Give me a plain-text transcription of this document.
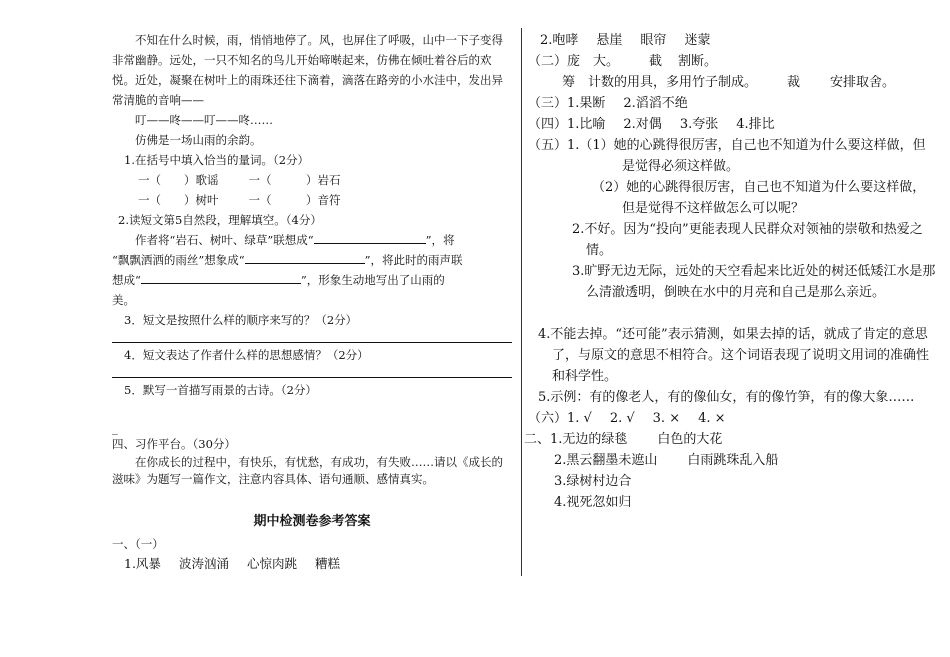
不知在什么时候，雨，悄悄地停了。风，也屏住了呼吸，山中一下子变得非常幽静。远处，一只不知名的鸟儿开始啼啭起来，仿佛在倾吐着谷后的欢悦。近处，凝聚在树叶上的雨珠还往下滴着，滴落在路旁的小水洼中，发出异常清脆的音响——

叮——咚——叮——咚……

仿佛是一场山雨的余韵。

1.在括号中填入恰当的量词。（2分）

一（　　）歌谣	一（　　　）岩石

一（　　）树叶	一（　　　）音符

2.读短文第5自然段，理解填空。（4分）

作者将“岩石、树叶、绿草”联想成“	”，将

“飘飘洒洒的雨丝”想象成“	”，将此时的雨声联

想成“	”，形象生动地写出了山雨的

美。

3．短文是按照什么样的顺序来写的？（2分）

4．短文表达了作者什么样的思想感情？（2分）

5．默写一首描写雨景的古诗。（2分）

_

四、习作平台。（30分）

在你成长的过程中，有快乐，有忧愁，有成功，有失败……请以《成长的滋味》为题写一篇作文，注意内容具体、语句通顺、感情真实。

期中检测卷参考答案

一、（一）

1.风暴 波涛汹涌 心惊肉跳 糟糕

2.咆哮 悬崖 眼帘 迷蒙

（二）庞　大。 截 割断。

筹　计数的用具，多用竹子制成。 裁 安排取舍。

（三）1.果断 2.滔滔不绝

（四）1.比喻 2.对偶 3.夸张 4.排比

（五）1.（1）她的心跳得很厉害，自己也不知道为什么要这样做，但是觉得必须这样做。

（2）她的心跳得很厉害，自己也不知道为什么要这样做，但是觉得不这样做怎么可以呢？

2.不好。因为“投向”更能表现人民群众对领袖的崇敬和热爱之情。

3.旷野无边无际，远处的天空看起来比近处的树还低矮江水是那么清澈透明，倒映在水中的月亮和自己是那么亲近。

4.不能去掉。“还可能”表示猜测，如果去掉的话，就成了肯定的意思了，与原文的意思不相符合。这个词语表现了说明文用词的准确性和科学性。

5.示例：有的像老人，有的像仙女，有的像竹笋，有的像大象……

（六）1. √ 2. √ 3. × 4. ×

二、1.无边的绿毯 白色的大花

2.黑云翻墨未遮山 白雨跳珠乱入船

3.绿树村边合

4.视死忽如归
